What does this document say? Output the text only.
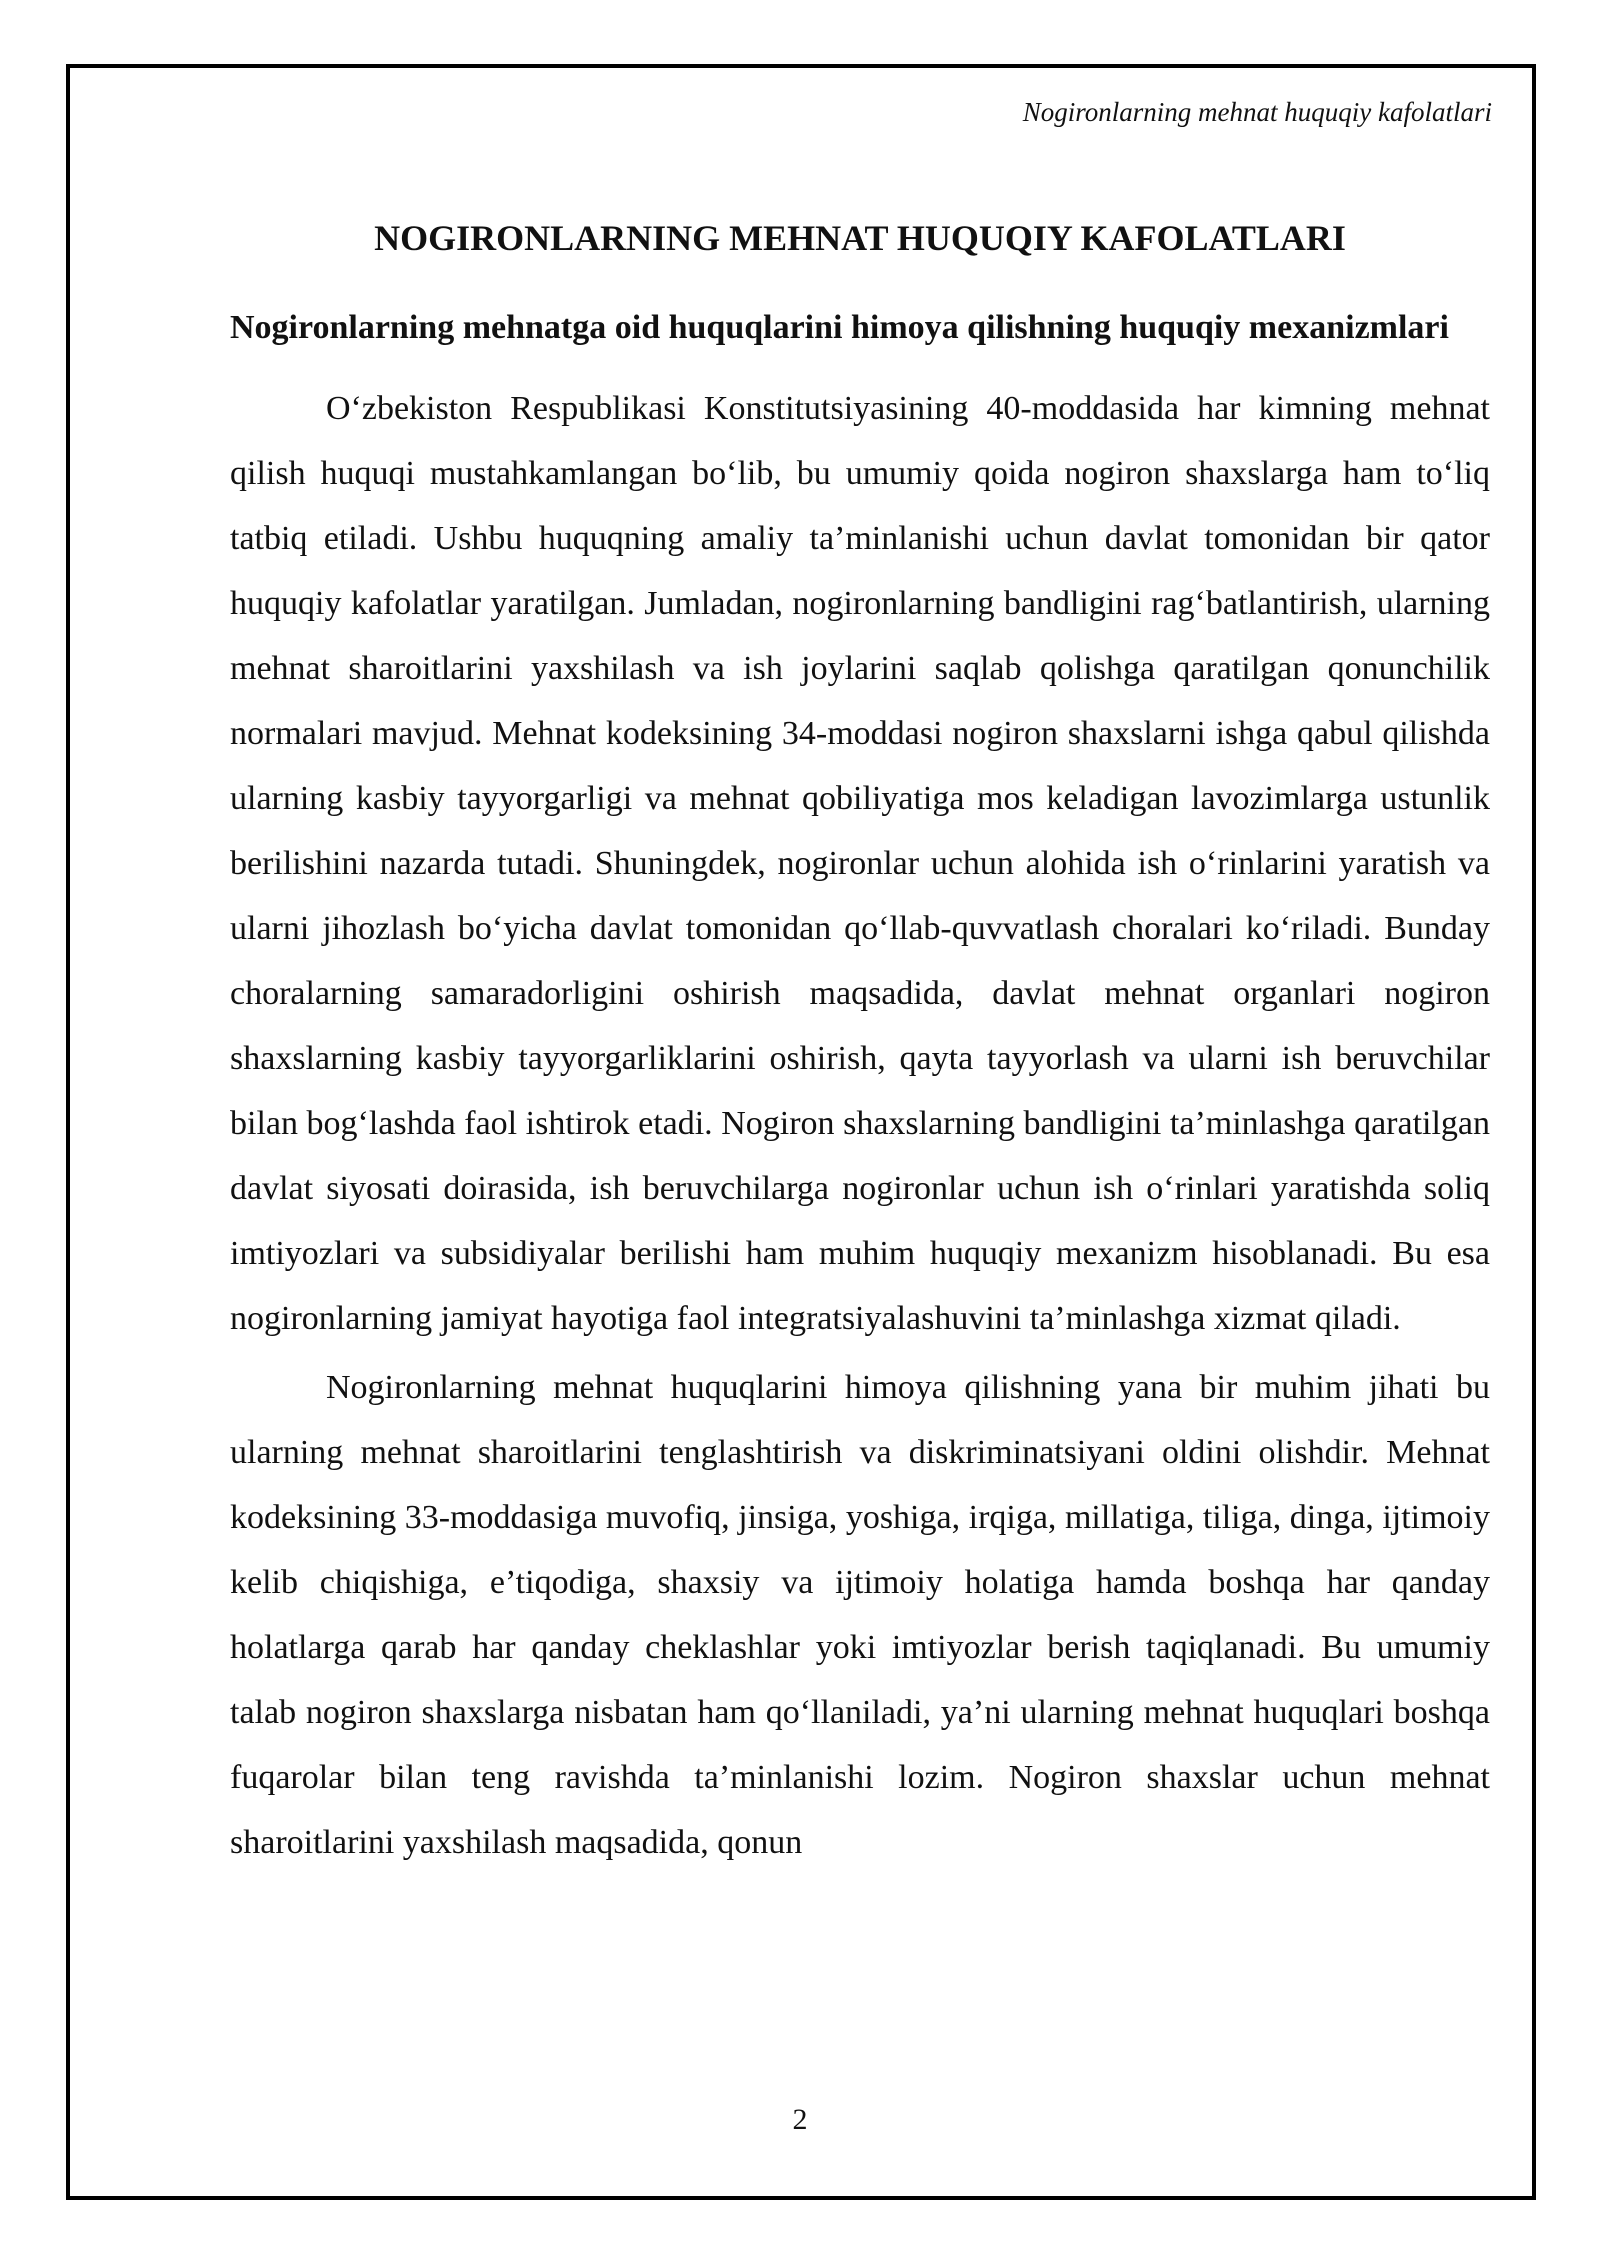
Nogironlarning mehnat huquqiy kafolatlari
NOGIRONLARNING MEHNAT HUQUQIY KAFOLATLARI
Nogironlarning mehnatga oid huquqlarini himoya qilishning huquqiy mexanizmlari

O‘zbekiston Respublikasi Konstitutsiyasining 40-moddasida har kimning mehnat qilish huquqi mustahkamlangan bo‘lib, bu umumiy qoida nogiron shaxslarga ham to‘liq tatbiq etiladi. Ushbu huquqning amaliy ta’minlanishi uchun davlat tomonidan bir qator huquqiy kafolatlar yaratilgan. Jumladan, nogironlarning bandligini rag‘batlantirish, ularning mehnat sharoitlarini yaxshilash va ish joylarini saqlab qolishga qaratilgan qonunchilik normalari mavjud. Mehnat kodeksining 34-moddasi nogiron shaxslarni ishga qabul qilishda ularning kasbiy tayyorgarligi va mehnat qobiliyatiga mos keladigan lavozimlarga ustunlik berilishini nazarda tutadi. Shuningdek, nogironlar uchun alohida ish o‘rinlarini yaratish va ularni jihozlash bo‘yicha davlat tomonidan qo‘llab-quvvatlash choralari ko‘riladi. Bunday choralarning samaradorligini oshirish maqsadida, davlat mehnat organlari nogiron shaxslarning kasbiy tayyorgarliklarini oshirish, qayta tayyorlash va ularni ish beruvchilar bilan bog‘lashda faol ishtirok etadi. Nogiron shaxslarning bandligini ta’minlashga qaratilgan davlat siyosati doirasida, ish beruvchilarga nogironlar uchun ish o‘rinlari yaratishda soliq imtiyozlari va subsidiyalar berilishi ham muhim huquqiy mexanizm hisoblanadi. Bu esa nogironlarning jamiyat hayotiga faol integratsiyalashuvini ta’minlashga xizmat qiladi.

Nogironlarning mehnat huquqlarini himoya qilishning yana bir muhim jihati bu ularning mehnat sharoitlarini tenglashtirish va diskriminatsiyani oldini olishdir. Mehnat kodeksining 33-moddasiga muvofiq, jinsiga, yoshiga, irqiga, millatiga, tiliga, dinga, ijtimoiy kelib chiqishiga, e’tiqodiga, shaxsiy va ijtimoiy holatiga hamda boshqa har qanday holatlarga qarab har qanday cheklashlar yoki imtiyozlar berish taqiqlanadi. Bu umumiy talab nogiron shaxslarga nisbatan ham qo‘llaniladi, ya’ni ularning mehnat huquqlari boshqa fuqarolar bilan teng ravishda ta’minlanishi lozim. Nogiron shaxslar uchun mehnat sharoitlarini yaxshilash maqsadida, qonun

2
